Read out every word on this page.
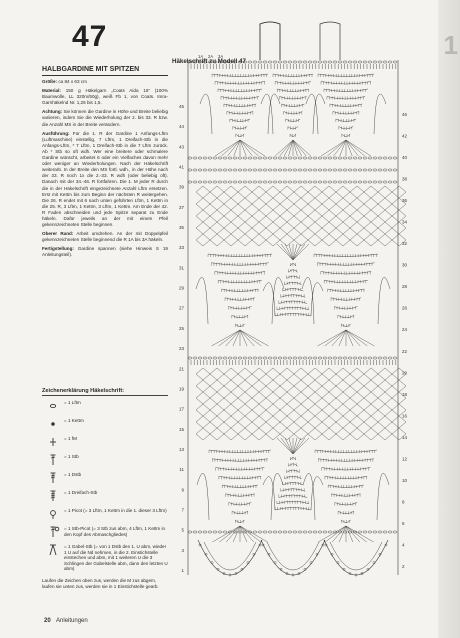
1
47
HALBGARDINE MIT SPITZEN
Größe: ca 84 x 63 cm
Material: 150 g Häkelgarn „Coats Aida 15“ (100% Baumwolle, LL 320m/50g), weiß Fb 1, von Coats. Imra-Garnhäkelnd Nr. 1,25 bis 1,5.
Achtung: Sie können die Gardine in Höhe und Breite beliebig variieren, indem Sie die Wiederholung der 2. bis 33. R bzw. die Anzahl MS in der Breite verändern.
Ausführung: Für die 1. R der Gardine 1 Anfangs-Lftm (Luftmaschine) einstellig, 7 Lftm, 1 Dreifach-Stb in die Anfangs-Lftm, * 7 Lftm, 1 Dreifach-Stb in die 7 Lftm zurück. Ab * Stb so oft wdh. Wer eine breitere oder schmalere Gardine wünscht, arbeitet 6 oder ein Vielfaches davon mehr oder weniger an Wiederholungen. Nach der Häkelschrift weiterarb. In der Breite den MS fortl. wdh., in der Höhe nach der 33. R noch 1x die 2.-33. R wdh (oder beliebig oft). Danach mit der 34.-46. R fortfahren. Die 1. M jeder R durch die in der Häkelschrift eingezeichnete Anzahl Lftm ersetzen. Erst mit Kettm bis zum Beginn der nächsten R weitergehen. Die 26. R endet mit 6 nach unten geführten Lftm, 1 Kettm in die 25. R, 3 Lftm, 1 Kettm, 3 Lftm, 1 Kettm. Am Ende der 42. R Faden abschneiden und jede Spitze separat zu Ende häkeln. Dafür jeweils an der mit einem Pfeil gekennzeichneten Stelle beginnen.
Oberer Rand: Arbeit umdrehen. An der mit Doppelpfeil gekennzeichneten Stelle beginnend die R 1A bis 3A häkeln.
Fertigstellung: Gardine spannen (siehe Hinweis S 19 Anleitungsteil).
Zeichenerklärung Häkelschrift:
= 1 Lftm
= 1 Kettm
= 1 fM
= 1 Stb
= 1 Dstb
= 1 Dreifach-Stb
= 1 Picot (= 3 Lftm, 1 Kettm in die 1. dieser 3 Lftm)
= 1 Stb-Picot (= 3 Stb zus abm, 4 Lftm, 1 Kettm in den Kopf des Abmaschgliedes)
= 1 Gabel-Stb (= von 1 Dstb den 1. U abm, wieder 1 U auf die Nd nehmen, in die 2. Einstichstelle einstechen und abm, mit 1 weiteren U die 3 Schlingen der Gabelstelle abm, dann den letzten U abm)
Laufen die Zeichen oben zus, werden die M zus abgem, laufen sie unten zus, werden sie in 1 Einstichstelle gearb.
20 Anleitungen
Häkelschrift zu Modell 47
45
44
43
41
39
37
35
33
31
29
27
25
23
21
19
17
15
13
11
9
7
5
3
1
46
42
40
38
36
34
32
30
28
26
24
22
20
18
16
14
12
10
8
6
4
2
1A 2A 3A
